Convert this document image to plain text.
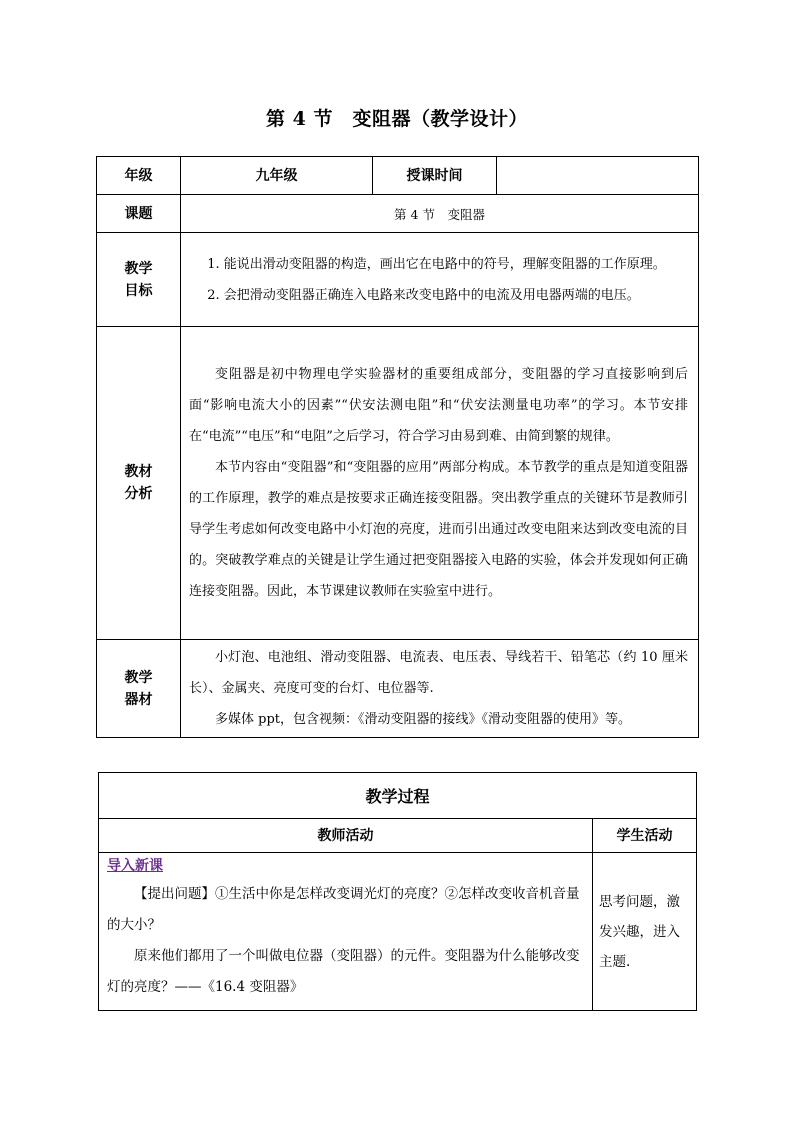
第 4 节　变阻器（教学设计）
年级	九年级	授课时间	
课题	第 4 节　变阻器		
教学目标	1. 能说出滑动变阻器的构造，画出它在电路中的符号，理解变阻器的工作原理。

2. 会把滑动变阻器正确连入电路来改变电路中的电流及用电器两端的电压。		

教材分析	变阻器是初中物理电学实验器材的重要组成部分，变阻器的学习直接影响到后面“影响电流大小的因素”“伏安法测电阻”和“伏安法测量电功率”的学习。本节安排在“电流”“电压”和“电阻”之后学习，符合学习由易到难、由简到繁的规律。

本节内容由“变阻器”和“变阻器的应用”两部分构成。本节教学的重点是知道变阻器的工作原理，教学的难点是按要求正确连接变阻器。突出教学重点的关键环节是教师引导学生考虑如何改变电路中小灯泡的亮度，进而引出通过改变电阻来达到改变电流的目的。突破教学难点的关键是让学生通过把变阻器接入电路的实验，体会并发现如何正确连接变阻器。因此，本节课建议教师在实验室中进行。		

教学器材	小灯泡、电池组、滑动变阻器、电流表、电压表、导线若干、铅笔芯（约 10 厘米长）、金属夹、亮度可变的台灯、电位器等.

多媒体 ppt，包含视频：《滑动变阻器的接线》《滑动变阻器的使用》等。		

教学过程	
教师活动	学生活动

导入新课

【提出问题】①生活中你是怎样改变调光灯的亮度？②怎样改变收音机音量的大小？

原来他们都用了一个叫做电位器（变阻器）的元件。变阻器为什么能够改变灯的亮度？——《16.4 变阻器》	思考问题，激发兴趣，进入主题.
